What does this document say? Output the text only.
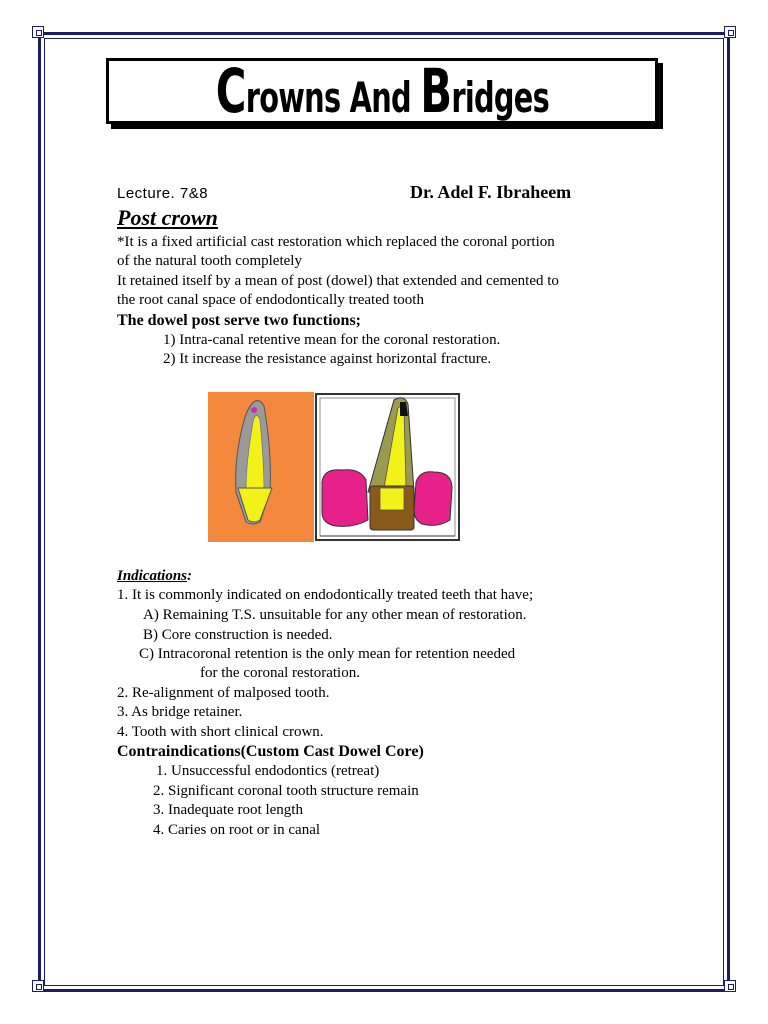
Crowns And Bridges
Lecture. 7&8	Dr. Adel F. Ibraheem
Post crown
*It is a fixed artificial cast restoration which replaced the coronal portion
of the natural tooth completely
It retained itself by a mean of post (dowel) that extended and cemented to
the root canal space of endodontically treated tooth
The dowel post serve two functions;
1) Intra-canal retentive mean for the coronal restoration.
2) It increase the resistance against horizontal fracture.
Indications:
1. It is commonly indicated on endodontically treated teeth that have;
A) Remaining T.S. unsuitable for any other mean of restoration.
B) Core construction is needed.
C) Intracoronal retention is the only mean for retention needed
for the coronal restoration.
2. Re-alignment of malposed tooth.
3. As bridge retainer.
4. Tooth with short clinical crown.
Contraindications(Custom Cast Dowel Core)
1. Unsuccessful endodontics (retreat)
2. Significant coronal tooth structure remain
3. Inadequate root length
4. Caries on root or in canal
